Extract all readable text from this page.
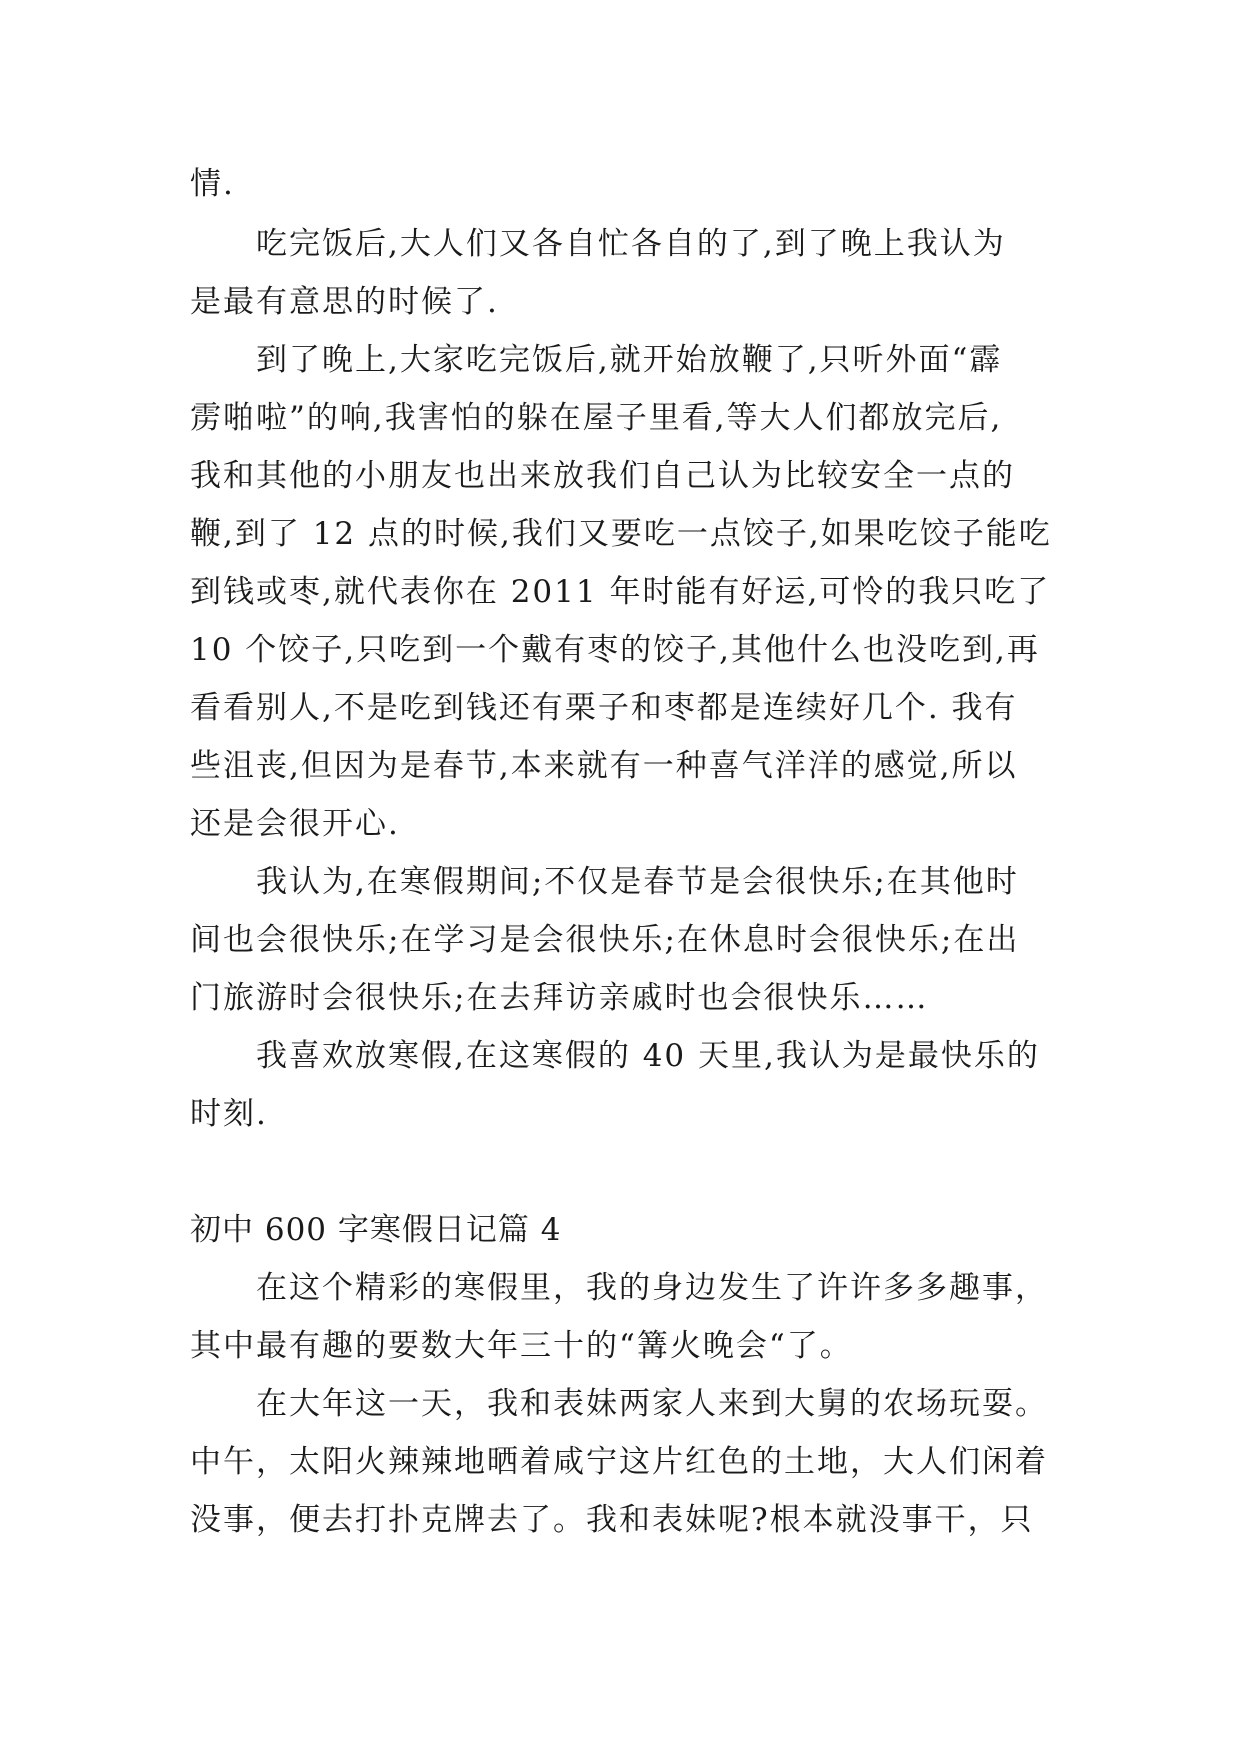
情.
吃完饭后,大人们又各自忙各自的了,到了晚上我认为
是最有意思的时候了.
到了晚上,大家吃完饭后,就开始放鞭了,只听外面“霹
雳啪啦”的响,我害怕的躲在屋子里看,等大人们都放完后,
我和其他的小朋友也出来放我们自己认为比较安全一点的
鞭,到了 12 点的时候,我们又要吃一点饺子,如果吃饺子能吃
到钱或枣,就代表你在 2011 年时能有好运,可怜的我只吃了
10 个饺子,只吃到一个戴有枣的饺子,其他什么也没吃到,再
看看别人,不是吃到钱还有栗子和枣都是连续好几个. 我有
些沮丧,但因为是春节,本来就有一种喜气洋洋的感觉,所以
还是会很开心.
我认为,在寒假期间;不仅是春节是会很快乐;在其他时
间也会很快乐;在学习是会很快乐;在休息时会很快乐;在出
门旅游时会很快乐;在去拜访亲戚时也会很快乐……
我喜欢放寒假,在这寒假的 40 天里,我认为是最快乐的
时刻.
初中 600 字寒假日记篇 4
在这个精彩的寒假里，我的身边发生了许许多多趣事，
其中最有趣的要数大年三十的“篝火晚会“了。
在大年这一天，我和表妹两家人来到大舅的农场玩耍。
中午，太阳火辣辣地晒着咸宁这片红色的土地，大人们闲着
没事，便去打扑克牌去了。我和表妹呢?根本就没事干，只
